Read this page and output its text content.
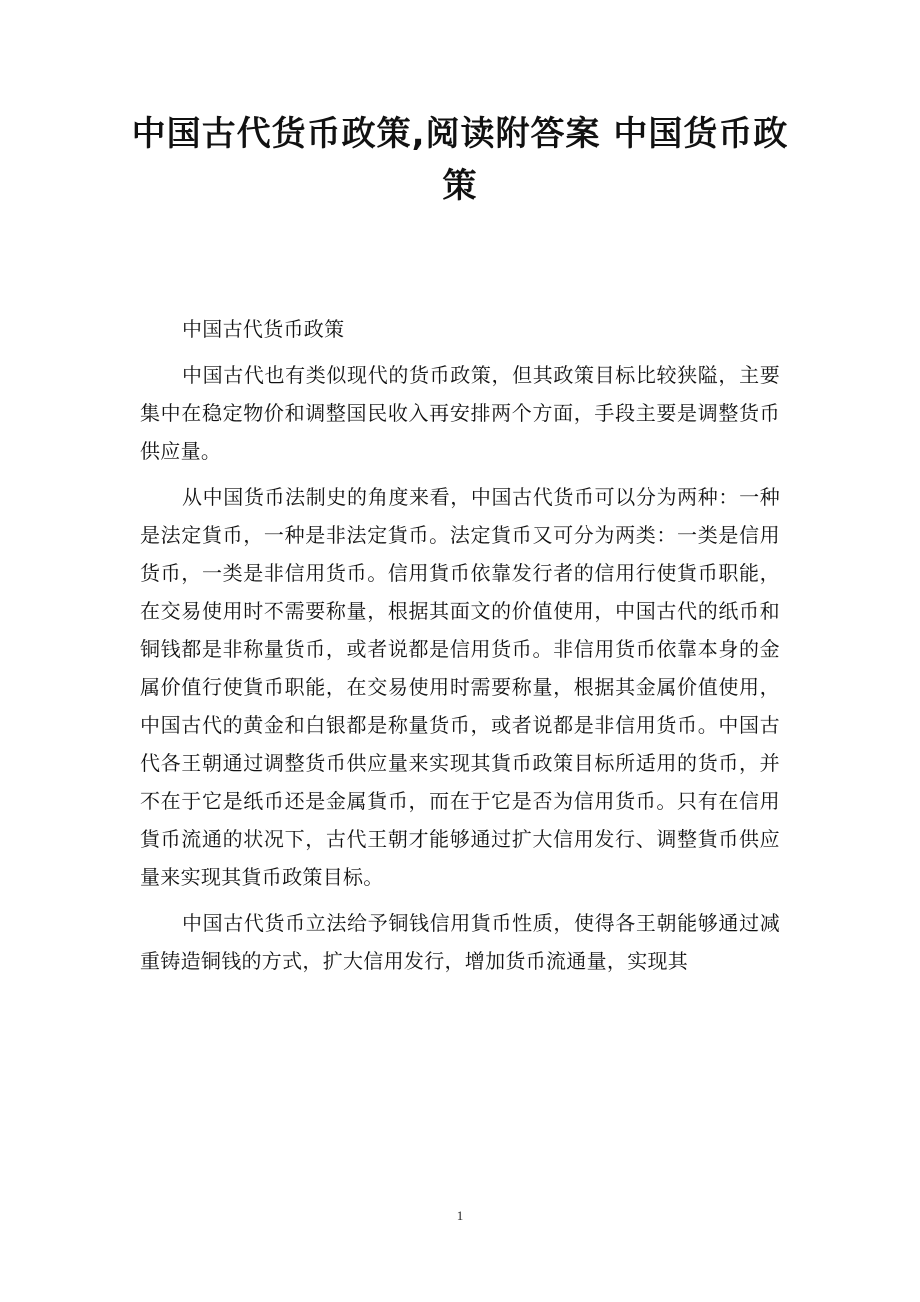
中国古代货币政策,阅读附答案 中国货币政策

中国古代货币政策

中国古代也有类似现代的货币政策，但其政策目标比较狭隘，主要集中在稳定物价和调整国民收入再安排两个方面，手段主要是调整货币供应量。

从中国货币法制史的角度来看，中国古代货币可以分为两种：一种是法定貨币，一种是非法定貨币。法定貨币又可分为两类：一类是信用货币，一类是非信用货币。信用貨币依靠发行者的信用行使貨币职能，在交易使用时不需要称量，根据其面文的价值使用，中国古代的纸币和铜钱都是非称量货币，或者说都是信用货币。非信用货币依靠本身的金属价值行使貨币职能，在交易使用时需要称量，根据其金属价值使用，中国古代的黄金和白银都是称量货币，或者说都是非信用货币。中国古代各王朝通过调整货币供应量来实现其貨币政策目标所适用的货币，并不在于它是纸币还是金属貨币，而在于它是否为信用货币。只有在信用貨币流通的状况下，古代王朝才能够通过扩大信用发行、调整貨币供应量来实现其貨币政策目标。

中国古代货币立法给予铜钱信用貨币性质，使得各王朝能够通过减重铸造铜钱的方式，扩大信用发行，增加货币流通量，实现其

1
